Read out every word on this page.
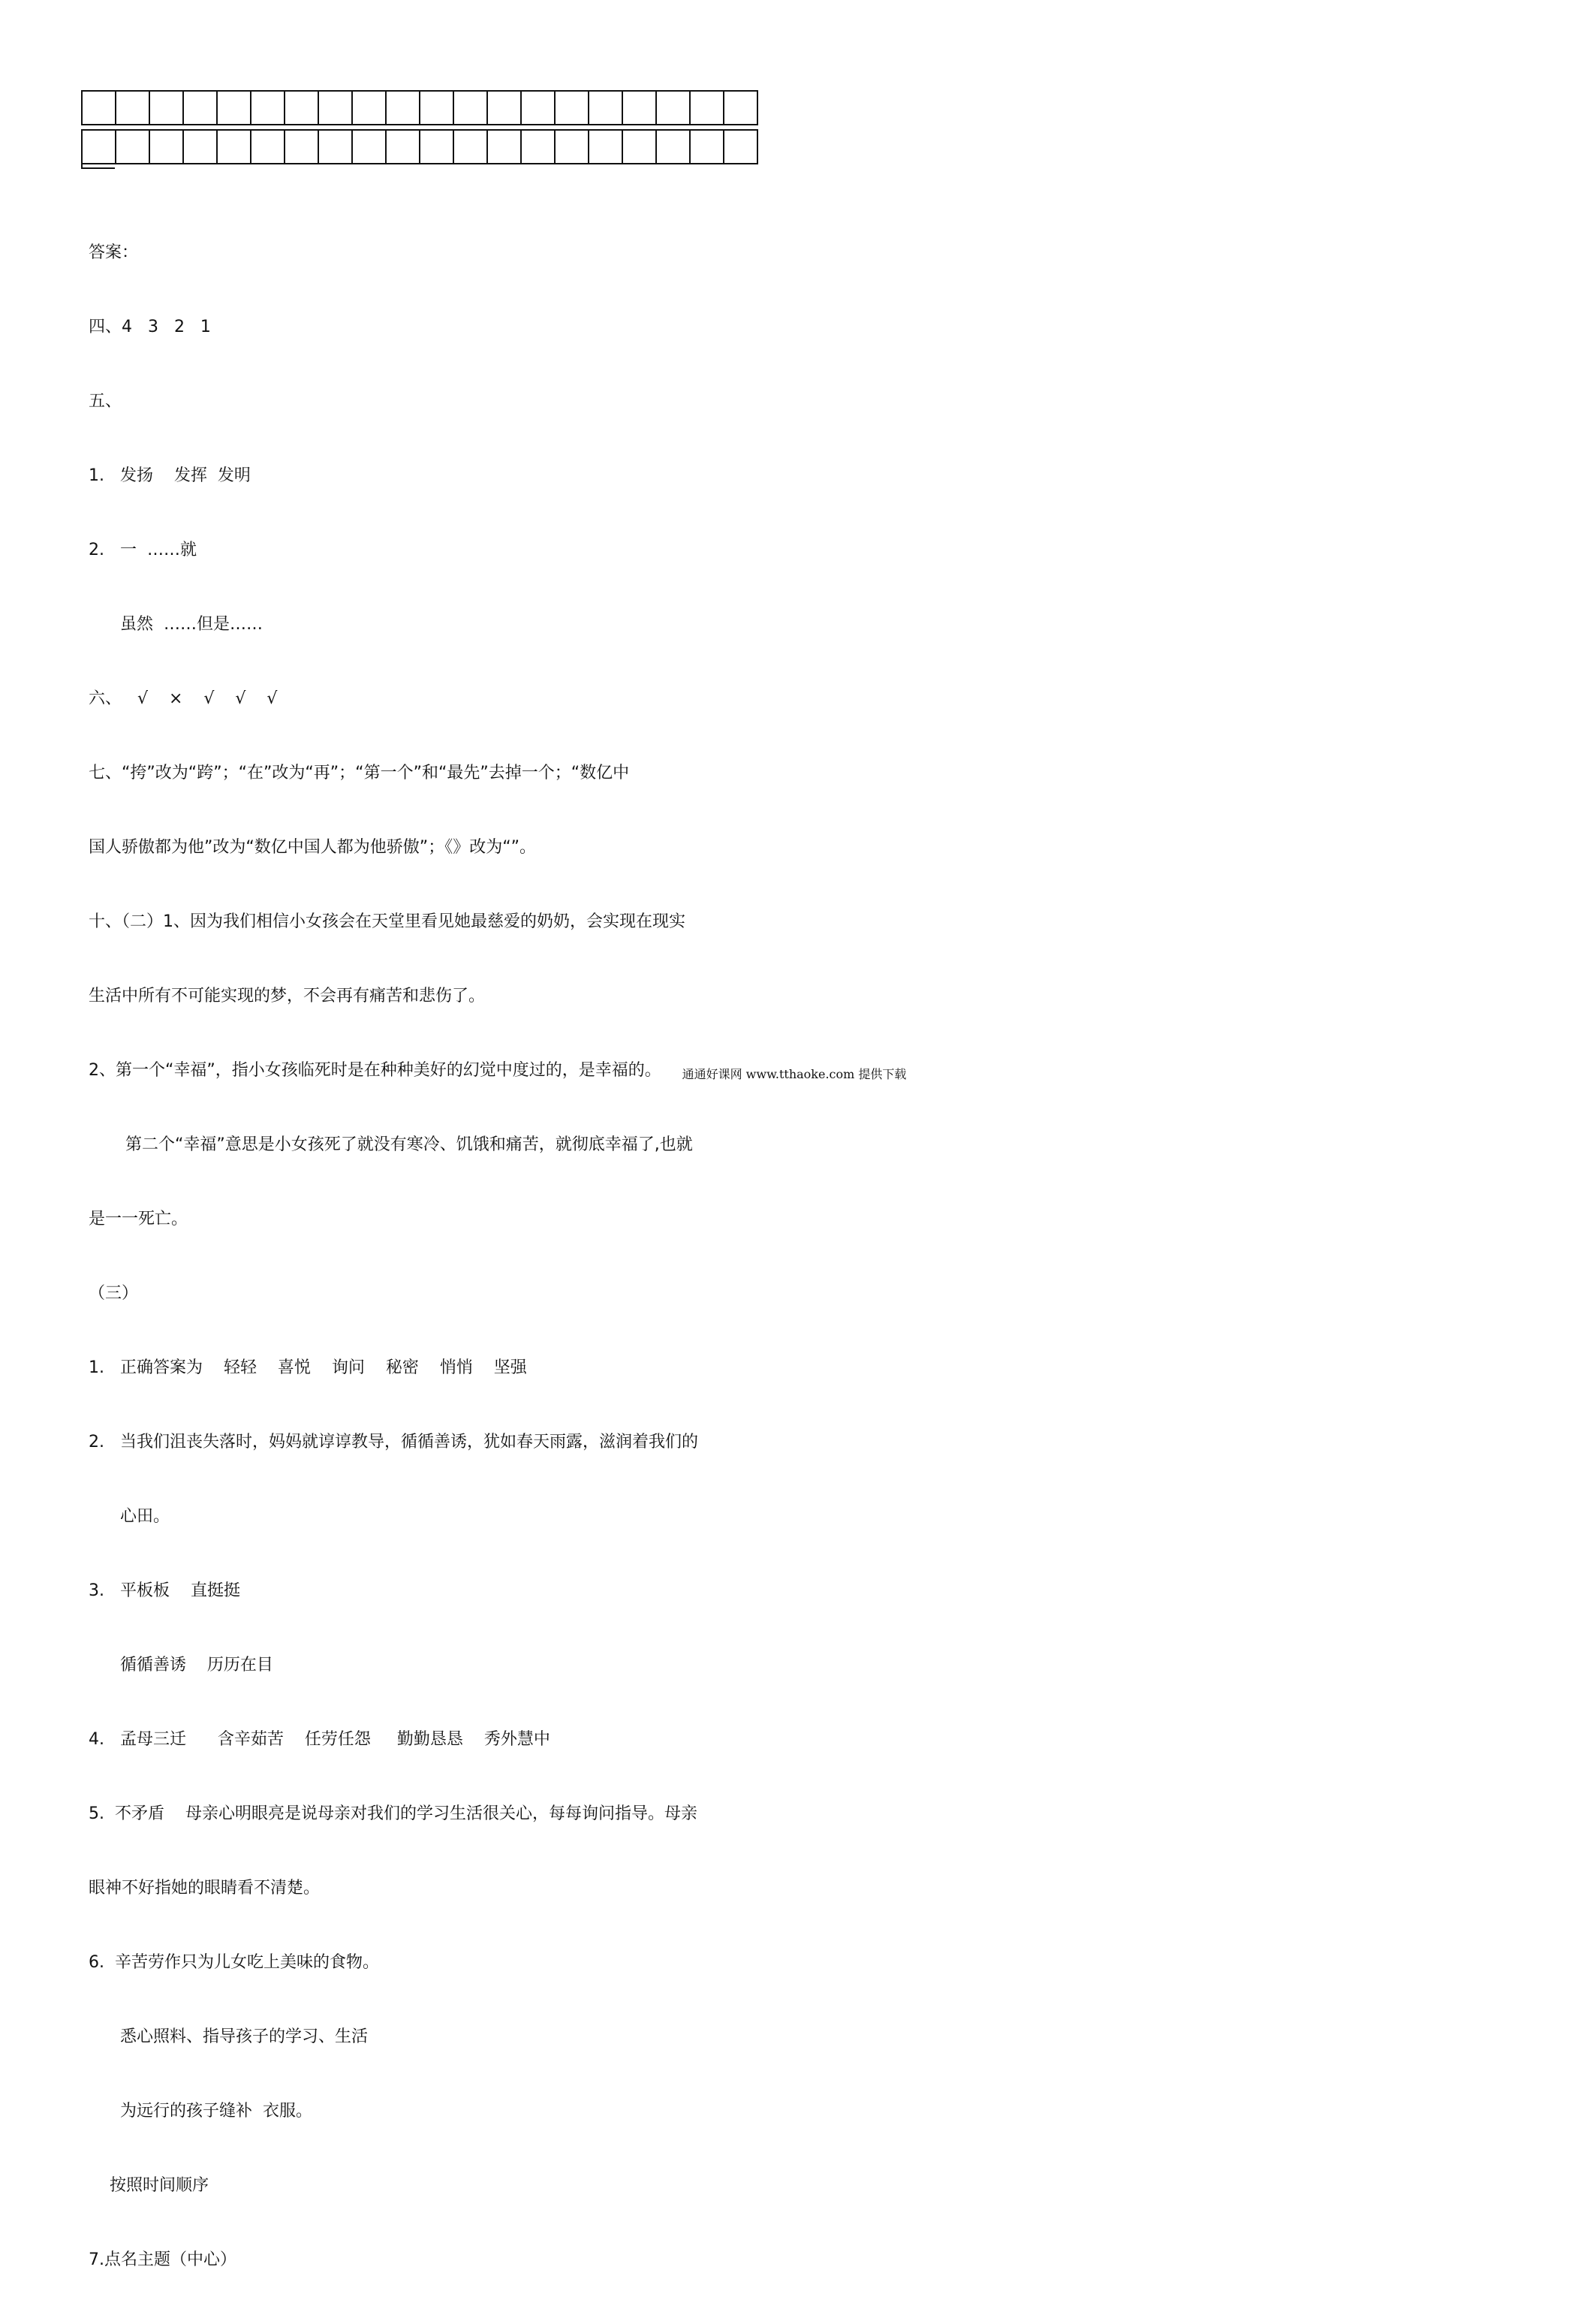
答案：

四、4   3   2   1

五、

1.   发扬    发挥  发明

2.   一  ……就

虽然  ……但是……

六、   √    ×    √    √    √

七、“挎”改为“跨”；“在”改为“再”；“第一个”和“最先”去掉一个；“数亿中

国人骄傲都为他”改为“数亿中国人都为他骄傲”；《》改为“”。

十、（二）1、因为我们相信小女孩会在天堂里看见她最慈爱的奶奶，会实现在现实

生活中所有不可能实现的梦，不会再有痛苦和悲伤了。

2、第一个“幸福”，指小女孩临死时是在种种美好的幻觉中度过的，是幸福的。

第二个“幸福”意思是小女孩死了就没有寒冷、饥饿和痛苦，就彻底幸福了,也就

是一一死亡。

（三）

1.   正确答案为    轻轻    喜悦    询问    秘密    悄悄    坚强

2.   当我们沮丧失落时，妈妈就谆谆教导，循循善诱，犹如春天雨露，滋润着我们的

心田。

3.   平板板    直挺挺

循循善诱    历历在目

4.   孟母三迁      含辛茹苦    任劳任怨     勤勤恳恳    秀外慧中

5.  不矛盾    母亲心明眼亮是说母亲对我们的学习生活很关心，每每询问指导。母亲

眼神不好指她的眼睛看不清楚。

6.  辛苦劳作只为儿女吃上美味的食物。

悉心照料、指导孩子的学习、生活

为远行的孩子缝补  衣服。

按照时间顺序

7.点名主题（中心）

通通好课网 www.tthaoke.com 提供下载
